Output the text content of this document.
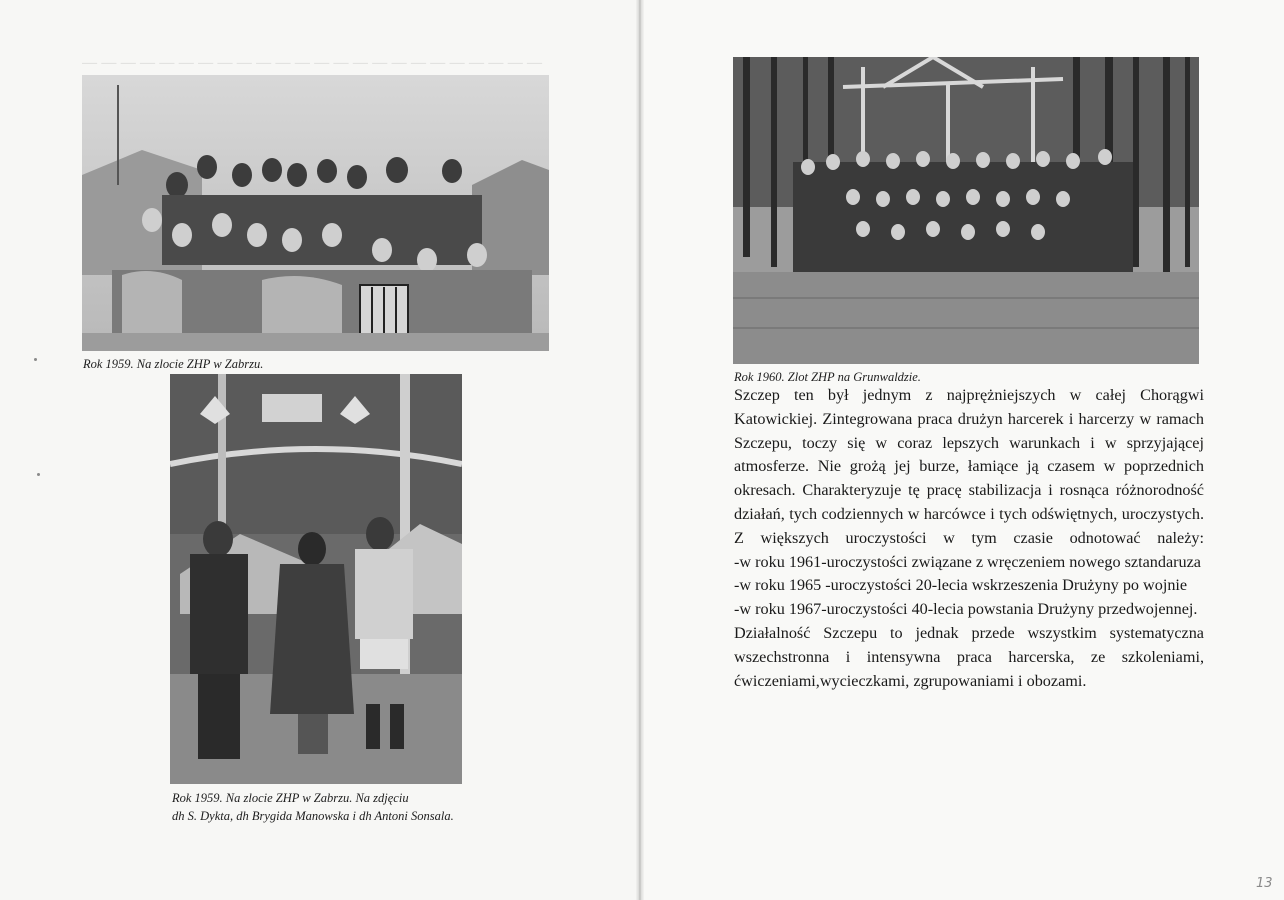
— — — — — — — — — — — — — — — — — — — — — — — —
Rok 1959. Na zlocie ZHP w Zabrzu.
Rok 1959. Na zlocie ZHP w Zabrzu. Na zdjęciu
dh S. Dykta, dh Brygida Manowska i dh Antoni Sonsala.
Rok 1960. Zlot ZHP na Grunwaldzie.

Szczep ten był jednym z najprężniejszych w całej Chorągwi Katowickiej. Zintegrowana praca drużyn harcerek i harcerzy w ramach Szczepu, toczy się w coraz lepszych warunkach i w sprzyjającej atmosferze. Nie grożą jej burze, łamiące ją czasem w poprzednich okresach. Charakteryzuje tę pracę stabilizacja i rosnąca różnorodność działań, tych codziennych w harcówce i tych odświętnych, uroczystych. Z większych uroczystości w tym czasie odnotować należy:

-w roku 1961-uroczystości związane z wręczeniem nowego sztandaruza

-w roku 1965 -uroczystości 20-lecia wskrzeszenia Drużyny po wojnie

-w roku 1967-uroczystości 40-lecia powstania Drużyny przedwojennej.

Działalność Szczepu to jednak przede wszystkim systematyczna wszechstronna i intensywna praca harcerska, ze szkoleniami, ćwiczeniami,wycieczkami, zgrupowaniami i obozami.

13
